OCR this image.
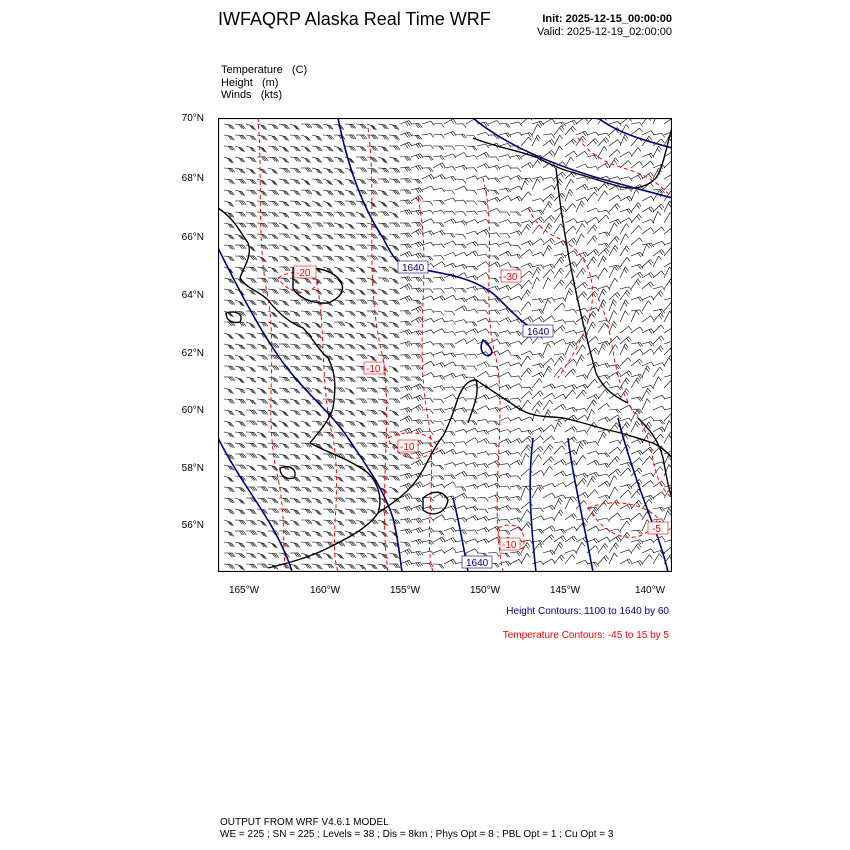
IWFAQRP Alaska Real Time WRF	Init: 2025-12-15_00:00:00
Valid: 2025-12-19_02:00:00
Temperature   (C)
Height   (m)
Winds   (kts)
70°N
68°N
66°N
64°N
62°N
60°N
58°N
56°N
165°W	160°W	155°W	150°W	145°W	140°W
1640
1640
1640
-20	-30
-10
-10
-10
-5
Height Contours: 1100 to 1640 by 60
Temperature Contours: -45 to 15 by 5
OUTPUT FROM WRF V4.6.1 MODEL
WE = 225 ; SN = 225 ; Levels = 38 ; Dis = 8km ; Phys Opt = 8 ; PBL Opt = 1 ; Cu Opt = 3
